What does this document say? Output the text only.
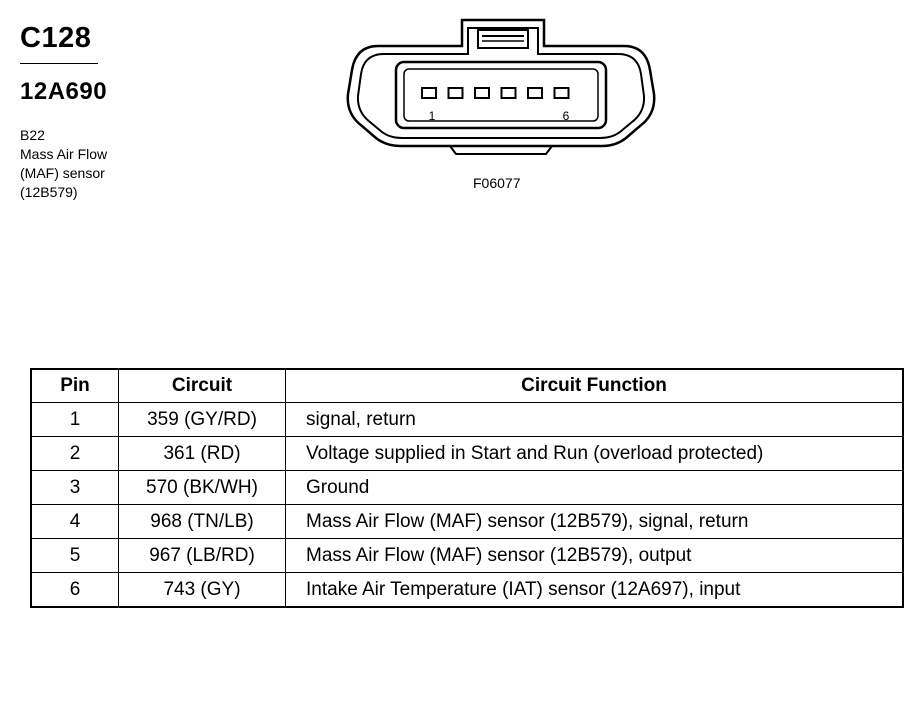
C128
12A690
B22
Mass Air Flow
(MAF) sensor
(12B579)
1	6
F06077
Pin	Circuit	Circuit Function
1	359 (GY/RD)	signal, return
2	361 (RD)	Voltage supplied in Start and Run (overload protected)
3	570 (BK/WH)	Ground
4	968 (TN/LB)	Mass Air Flow (MAF) sensor (12B579), signal, return
5	967 (LB/RD)	Mass Air Flow (MAF) sensor (12B579), output
6	743 (GY)	Intake Air Temperature (IAT) sensor (12A697), input
